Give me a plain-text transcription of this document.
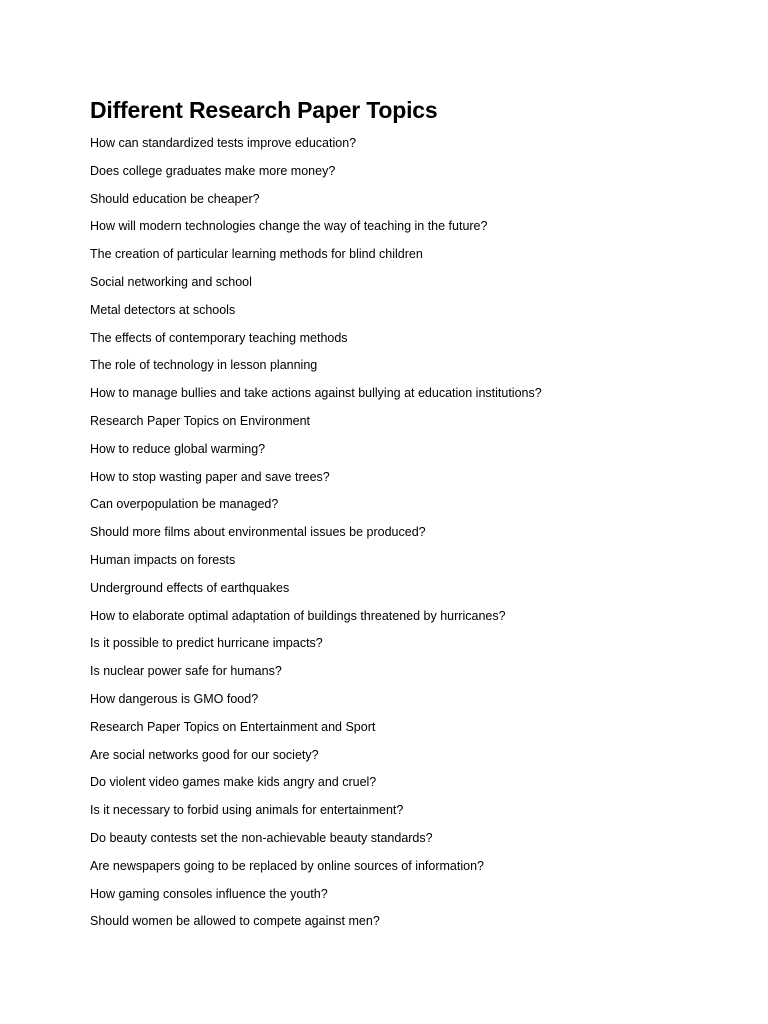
Different Research Paper Topics
How can standardized tests improve education?
Does college graduates make more money?
Should education be cheaper?
How will modern technologies change the way of teaching in the future?
The creation of particular learning methods for blind children
Social networking and school
Metal detectors at schools
The effects of contemporary teaching methods
The role of technology in lesson planning
How to manage bullies and take actions against bullying at education institutions?
Research Paper Topics on Environment
How to reduce global warming?
How to stop wasting paper and save trees?
Can overpopulation be managed?
Should more films about environmental issues be produced?
Human impacts on forests
Underground effects of earthquakes
How to elaborate optimal adaptation of buildings threatened by hurricanes?
Is it possible to predict hurricane impacts?
Is nuclear power safe for humans?
How dangerous is GMO food?
Research Paper Topics on Entertainment and Sport
Are social networks good for our society?
Do violent video games make kids angry and cruel?
Is it necessary to forbid using animals for entertainment?
Do beauty contests set the non-achievable beauty standards?
Are newspapers going to be replaced by online sources of information?
How gaming consoles influence the youth?
Should women be allowed to compete against men?
